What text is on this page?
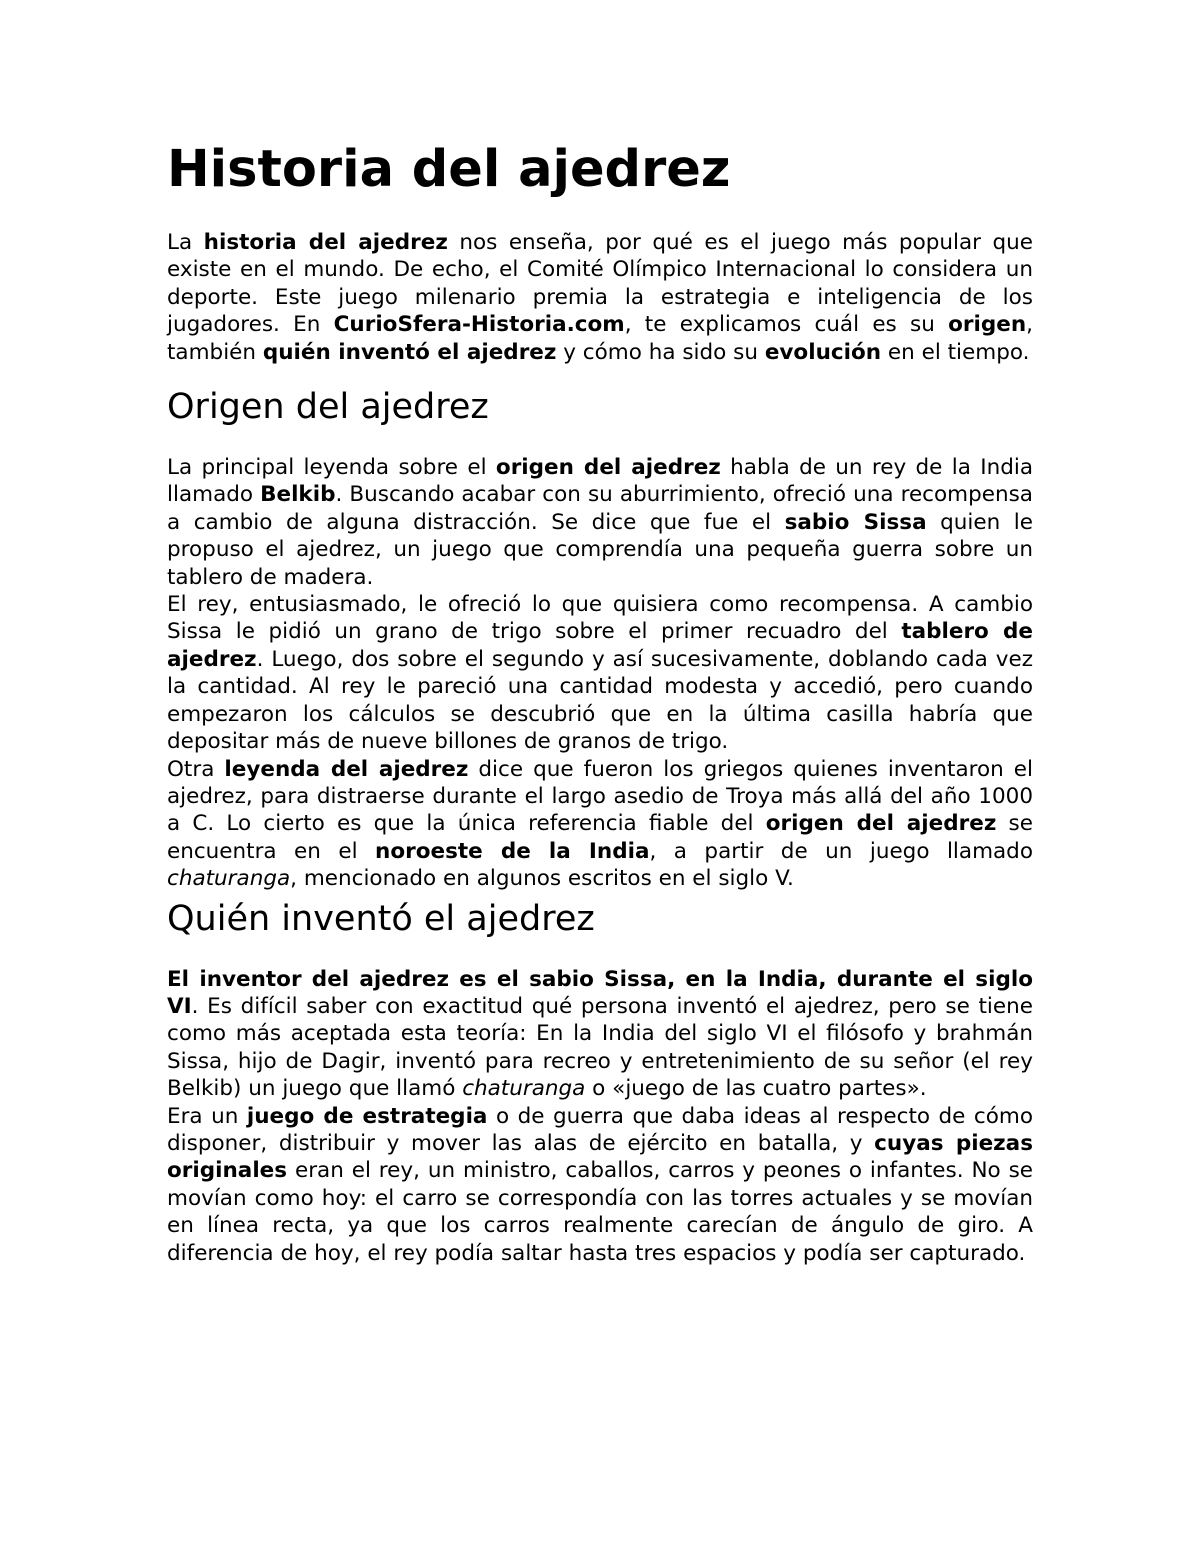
Historia del ajedrez

La historia del ajedrez nos enseña, por qué es el juego más popular que existe en el mundo. De echo, el Comité Olímpico Internacional lo considera un deporte. Este juego milenario premia la estrategia e inteligencia de los jugadores. En CurioSfera-Historia.com, te explicamos cuál es su origen, también quién inventó el ajedrez y cómo ha sido su evolución en el tiempo.

Origen del ajedrez

La principal leyenda sobre el origen del ajedrez habla de un rey de la India llamado Belkib. Buscando acabar con su aburrimiento, ofreció una recompensa a cambio de alguna distracción. Se dice que fue el sabio Sissa quien le propuso el ajedrez, un juego que comprendía una pequeña guerra sobre un tablero de madera.

El rey, entusiasmado, le ofreció lo que quisiera como recompensa. A cambio Sissa le pidió un grano de trigo sobre el primer recuadro del tablero de ajedrez. Luego, dos sobre el segundo y así sucesivamente, doblando cada vez la cantidad. Al rey le pareció una cantidad modesta y accedió, pero cuando empezaron los cálculos se descubrió que en la última casilla habría que depositar más de nueve billones de granos de trigo.

Otra leyenda del ajedrez dice que fueron los griegos quienes inventaron el ajedrez, para distraerse durante el largo asedio de Troya más allá del año 1000 a C. Lo cierto es que la única referencia fiable del origen del ajedrez se encuentra en el noroeste de la India, a partir de un juego llamado chaturanga, mencionado en algunos escritos en el siglo V.

Quién inventó el ajedrez

El inventor del ajedrez es el sabio Sissa, en la India, durante el siglo VI. Es difícil saber con exactitud qué persona inventó el ajedrez, pero se tiene como más aceptada esta teoría: En la India del siglo VI el filósofo y brahmán Sissa, hijo de Dagir, inventó para recreo y entretenimiento de su señor (el rey Belkib) un juego que llamó chaturanga o «juego de las cuatro partes».

Era un juego de estrategia o de guerra que daba ideas al respecto de cómo disponer, distribuir y mover las alas de ejército en batalla, y cuyas piezas originales eran el rey, un ministro, caballos, carros y peones o infantes. No se movían como hoy: el carro se correspondía con las torres actuales y se movían en línea recta, ya que los carros realmente carecían de ángulo de giro. A diferencia de hoy, el rey podía saltar hasta tres espacios y podía ser capturado.
